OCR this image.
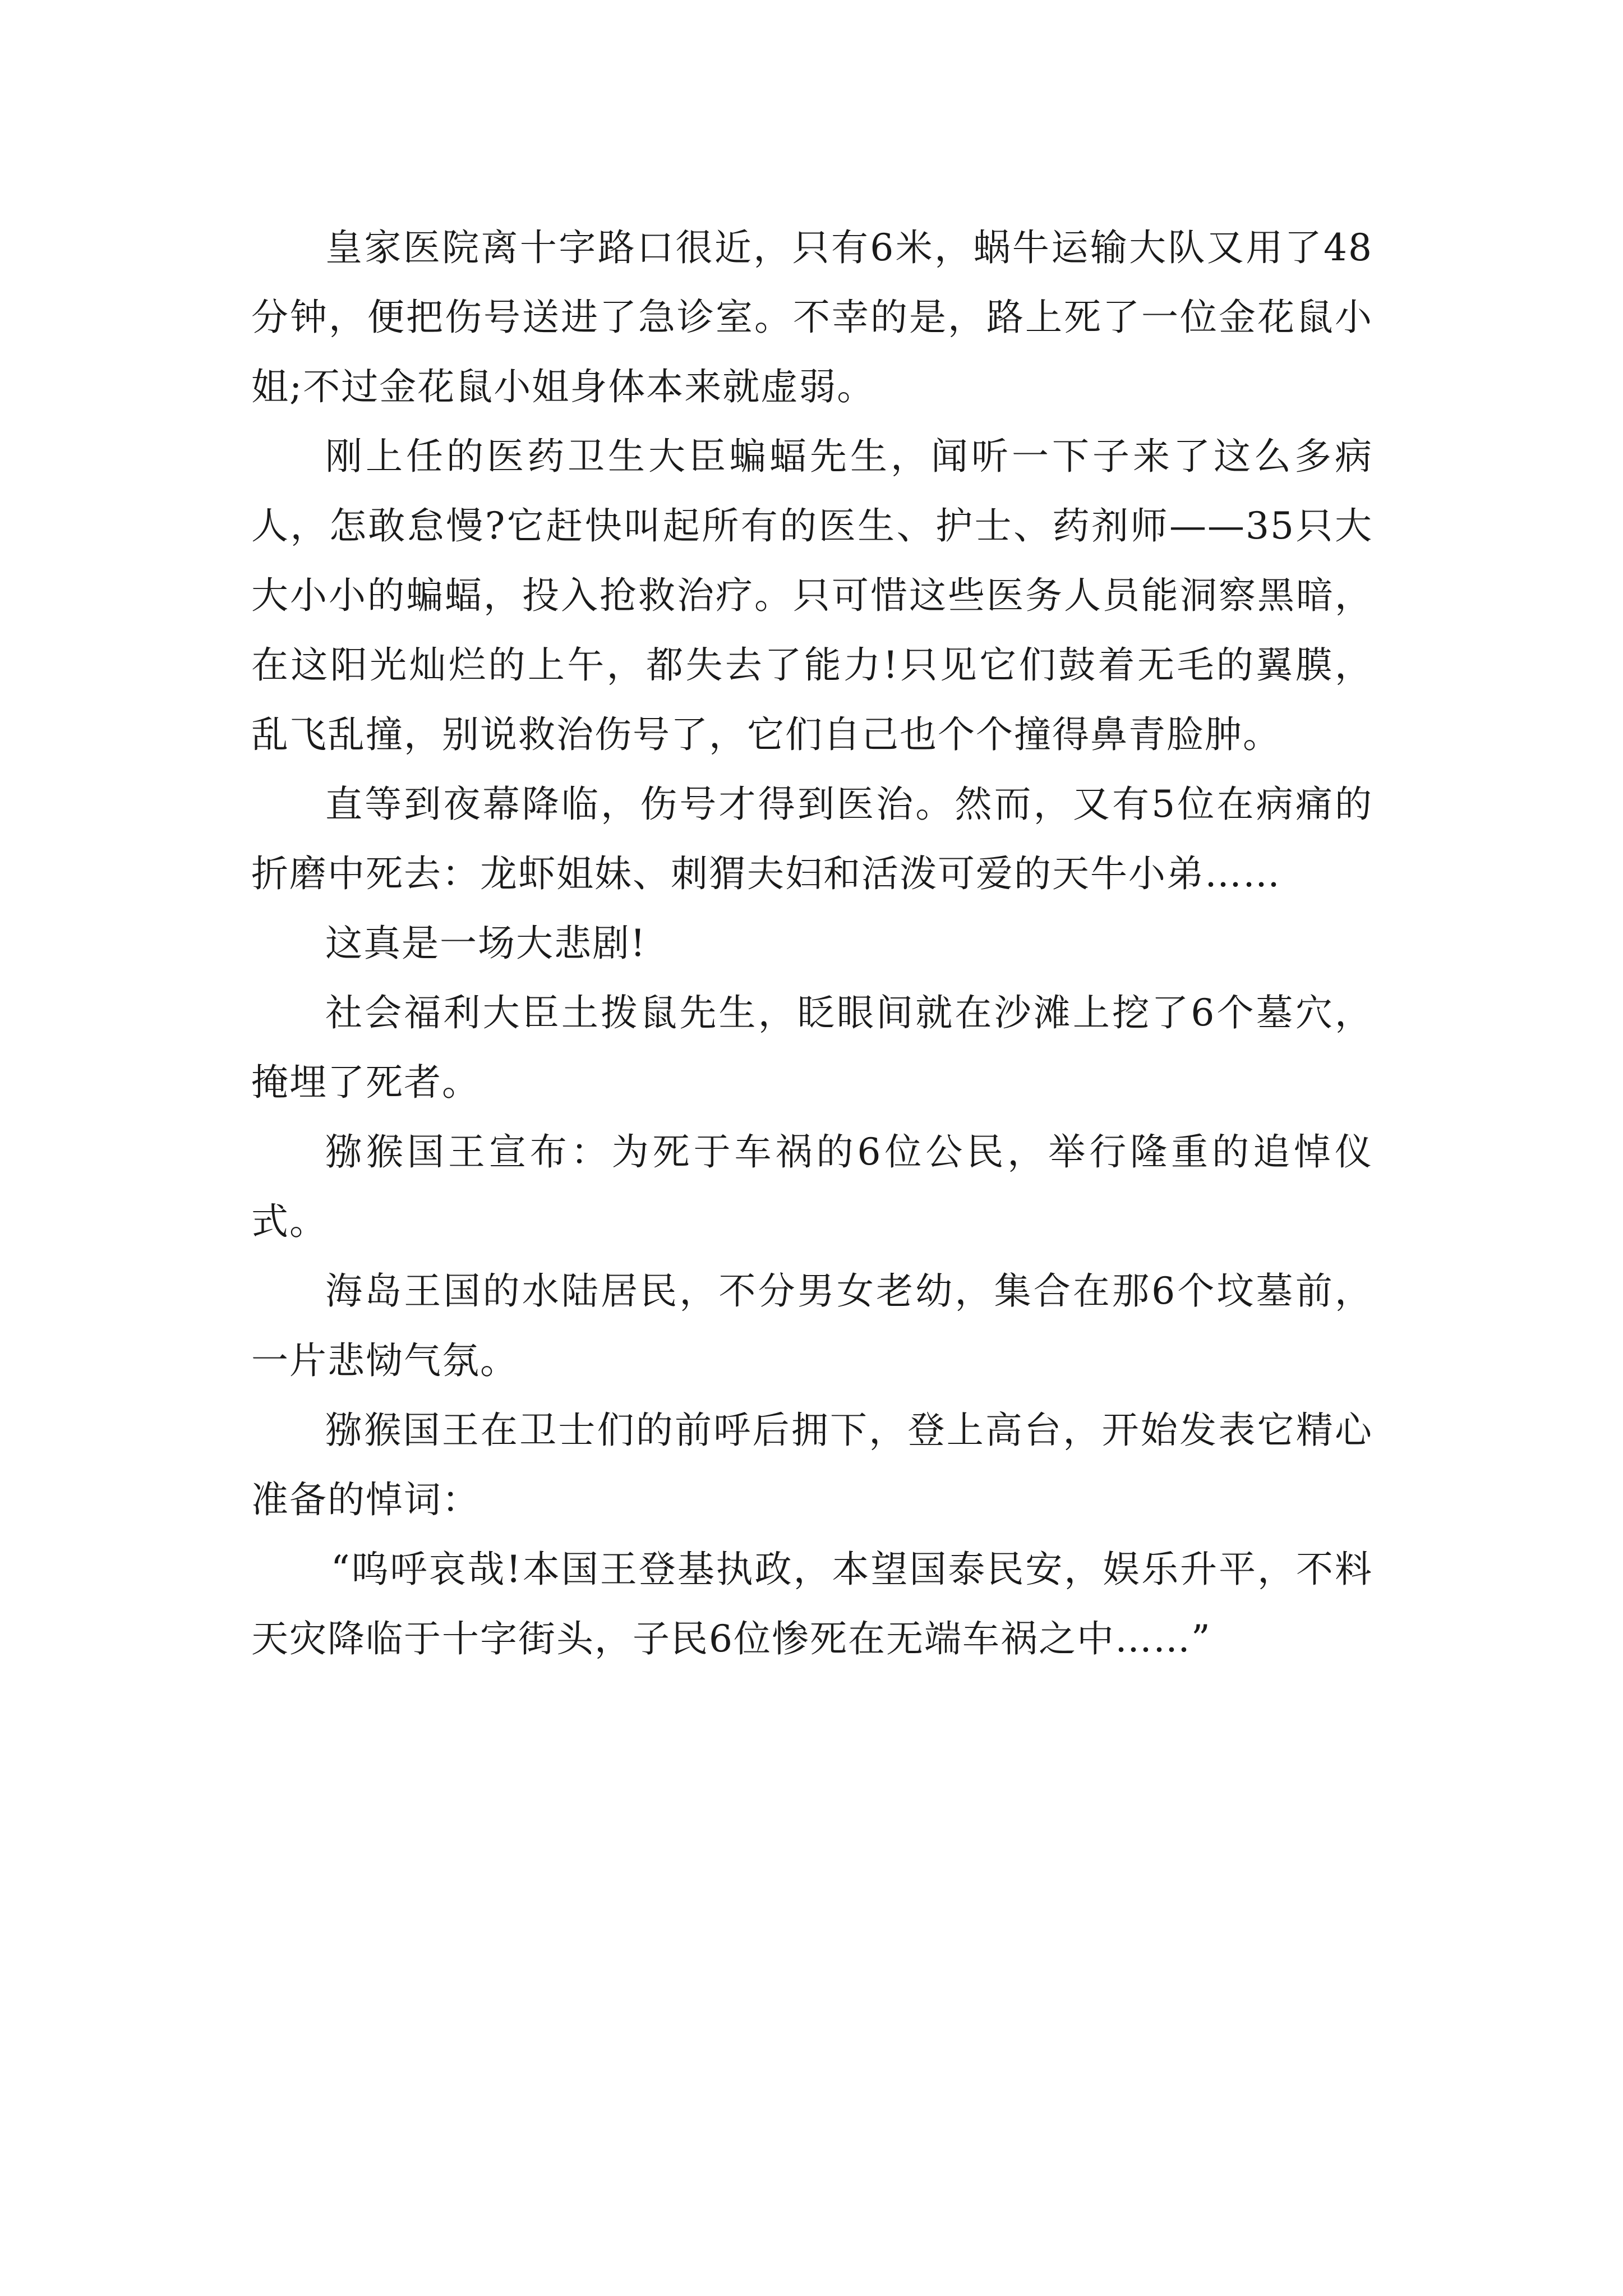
皇家医院离十字路口很近，只有6米，蜗牛运输大队又用了48分钟，便把伤号送进了急诊室。不幸的是，路上死了一位金花鼠小姐;不过金花鼠小姐身体本来就虚弱。

刚上任的医药卫生大臣蝙蝠先生，闻听一下子来了这么多病人，怎敢怠慢?它赶快叫起所有的医生、护士、药剂师——35只大大小小的蝙蝠，投入抢救治疗。只可惜这些医务人员能洞察黑暗，在这阳光灿烂的上午，都失去了能力!只见它们鼓着无毛的翼膜，乱飞乱撞，别说救治伤号了，它们自己也个个撞得鼻青脸肿。

直等到夜幕降临，伤号才得到医治。然而，又有5位在病痛的折磨中死去：龙虾姐妹、刺猬夫妇和活泼可爱的天牛小弟……

这真是一场大悲剧!

社会福利大臣土拨鼠先生，眨眼间就在沙滩上挖了6个墓穴，掩埋了死者。

猕猴国王宣布：为死于车祸的6位公民，举行隆重的追悼仪式。

海岛王国的水陆居民，不分男女老幼，集合在那6个坟墓前，一片悲恸气氛。

猕猴国王在卫士们的前呼后拥下，登上高台，开始发表它精心准备的悼词：

“呜呼哀哉!本国王登基执政，本望国泰民安，娱乐升平，不料天灾降临于十字街头，子民6位惨死在无端车祸之中……”
